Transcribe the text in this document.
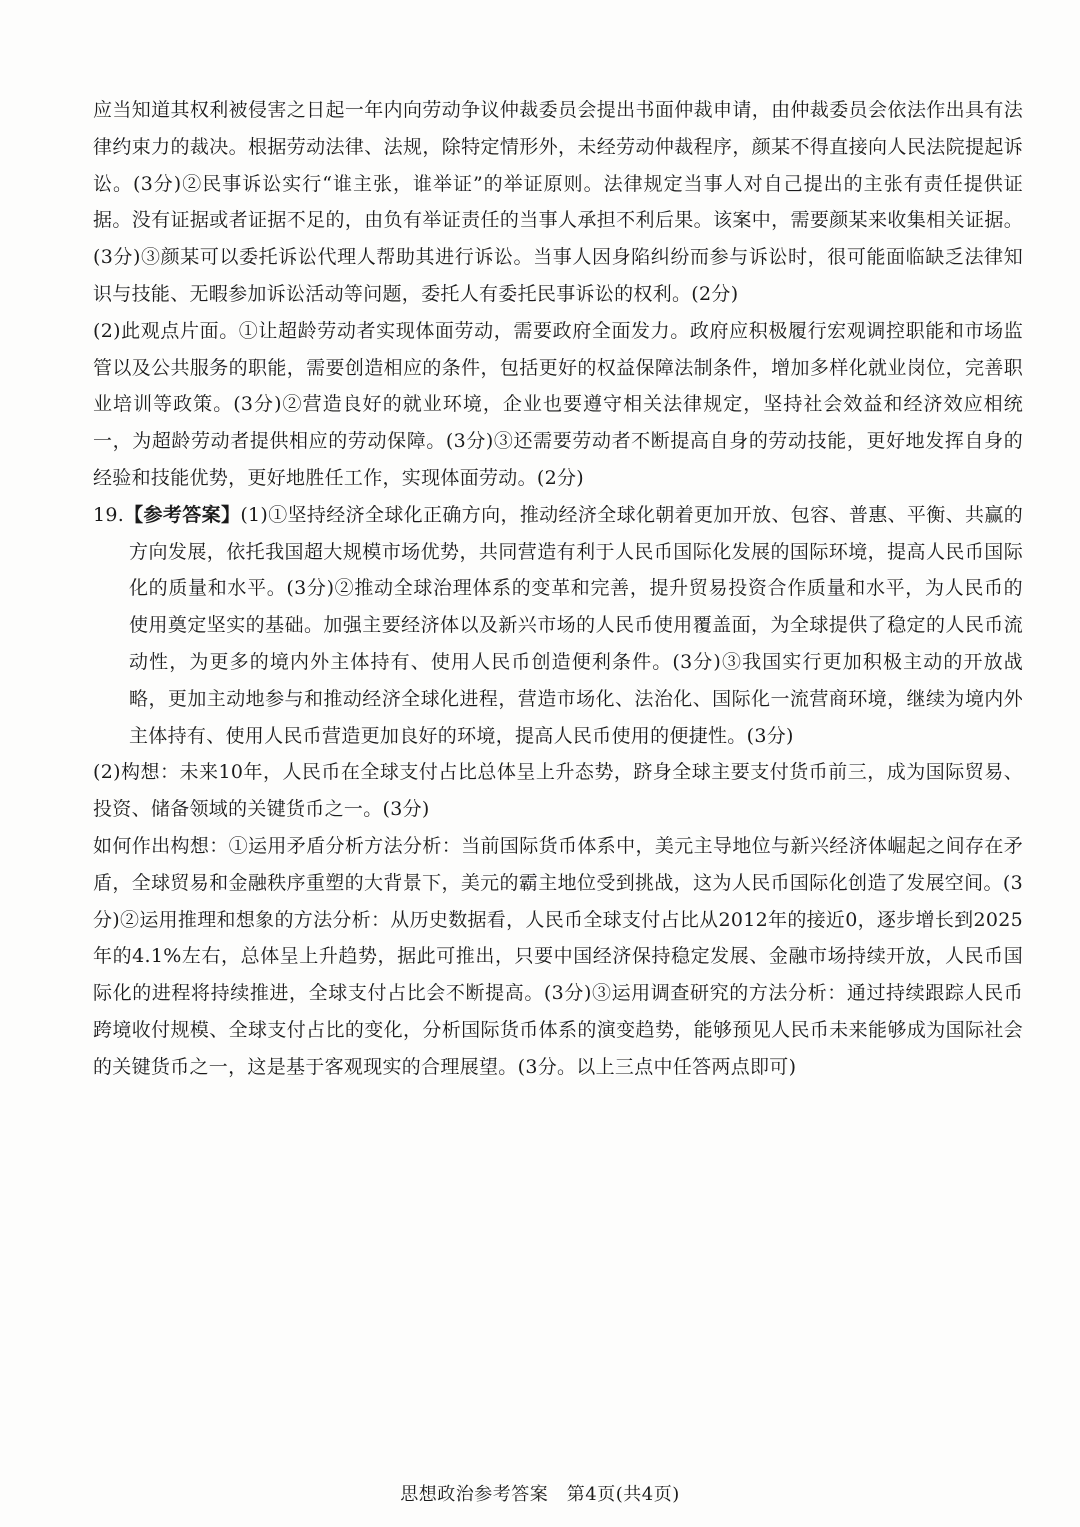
应当知道其权利被侵害之日起一年内向劳动争议仲裁委员会提出书面仲裁申请，由仲裁委员会依法作出具有法律约束力的裁决。根据劳动法律、法规，除特定情形外，未经劳动仲裁程序，颜某不得直接向人民法院提起诉讼。(3分)②民事诉讼实行“谁主张，谁举证”的举证原则。法律规定当事人对自己提出的主张有责任提供证据。没有证据或者证据不足的，由负有举证责任的当事人承担不利后果。该案中，需要颜某来收集相关证据。(3分)③颜某可以委托诉讼代理人帮助其进行诉讼。当事人因身陷纠纷而参与诉讼时，很可能面临缺乏法律知识与技能、无暇参加诉讼活动等问题，委托人有委托民事诉讼的权利。(2分)

(2)此观点片面。①让超龄劳动者实现体面劳动，需要政府全面发力。政府应积极履行宏观调控职能和市场监管以及公共服务的职能，需要创造相应的条件，包括更好的权益保障法制条件，增加多样化就业岗位，完善职业培训等政策。(3分)②营造良好的就业环境，企业也要遵守相关法律规定，坚持社会效益和经济效应相统一，为超龄劳动者提供相应的劳动保障。(3分)③还需要劳动者不断提高自身的劳动技能，更好地发挥自身的经验和技能优势，更好地胜任工作，实现体面劳动。(2分)

19.【参考答案】(1)①坚持经济全球化正确方向，推动经济全球化朝着更加开放、包容、普惠、平衡、共赢的方向发展，依托我国超大规模市场优势，共同营造有利于人民币国际化发展的国际环境，提高人民币国际化的质量和水平。(3分)②推动全球治理体系的变革和完善，提升贸易投资合作质量和水平，为人民币的使用奠定坚实的基础。加强主要经济体以及新兴市场的人民币使用覆盖面，为全球提供了稳定的人民币流动性，为更多的境内外主体持有、使用人民币创造便利条件。(3分)③我国实行更加积极主动的开放战略，更加主动地参与和推动经济全球化进程，营造市场化、法治化、国际化一流营商环境，继续为境内外主体持有、使用人民币营造更加良好的环境，提高人民币使用的便捷性。(3分)

(2)构想：未来10年，人民币在全球支付占比总体呈上升态势，跻身全球主要支付货币前三，成为国际贸易、投资、储备领域的关键货币之一。(3分)

如何作出构想：①运用矛盾分析方法分析：当前国际货币体系中，美元主导地位与新兴经济体崛起之间存在矛盾，全球贸易和金融秩序重塑的大背景下，美元的霸主地位受到挑战，这为人民币国际化创造了发展空间。(3分)②运用推理和想象的方法分析：从历史数据看，人民币全球支付占比从2012年的接近0，逐步增长到2025年的4.1%左右，总体呈上升趋势，据此可推出，只要中国经济保持稳定发展、金融市场持续开放，人民币国际化的进程将持续推进，全球支付占比会不断提高。(3分)③运用调查研究的方法分析：通过持续跟踪人民币跨境收付规模、全球支付占比的变化，分析国际货币体系的演变趋势，能够预见人民币未来能够成为国际社会的关键货币之一，这是基于客观现实的合理展望。(3分。以上三点中任答两点即可)

思想政治参考答案　第4页(共4页)
